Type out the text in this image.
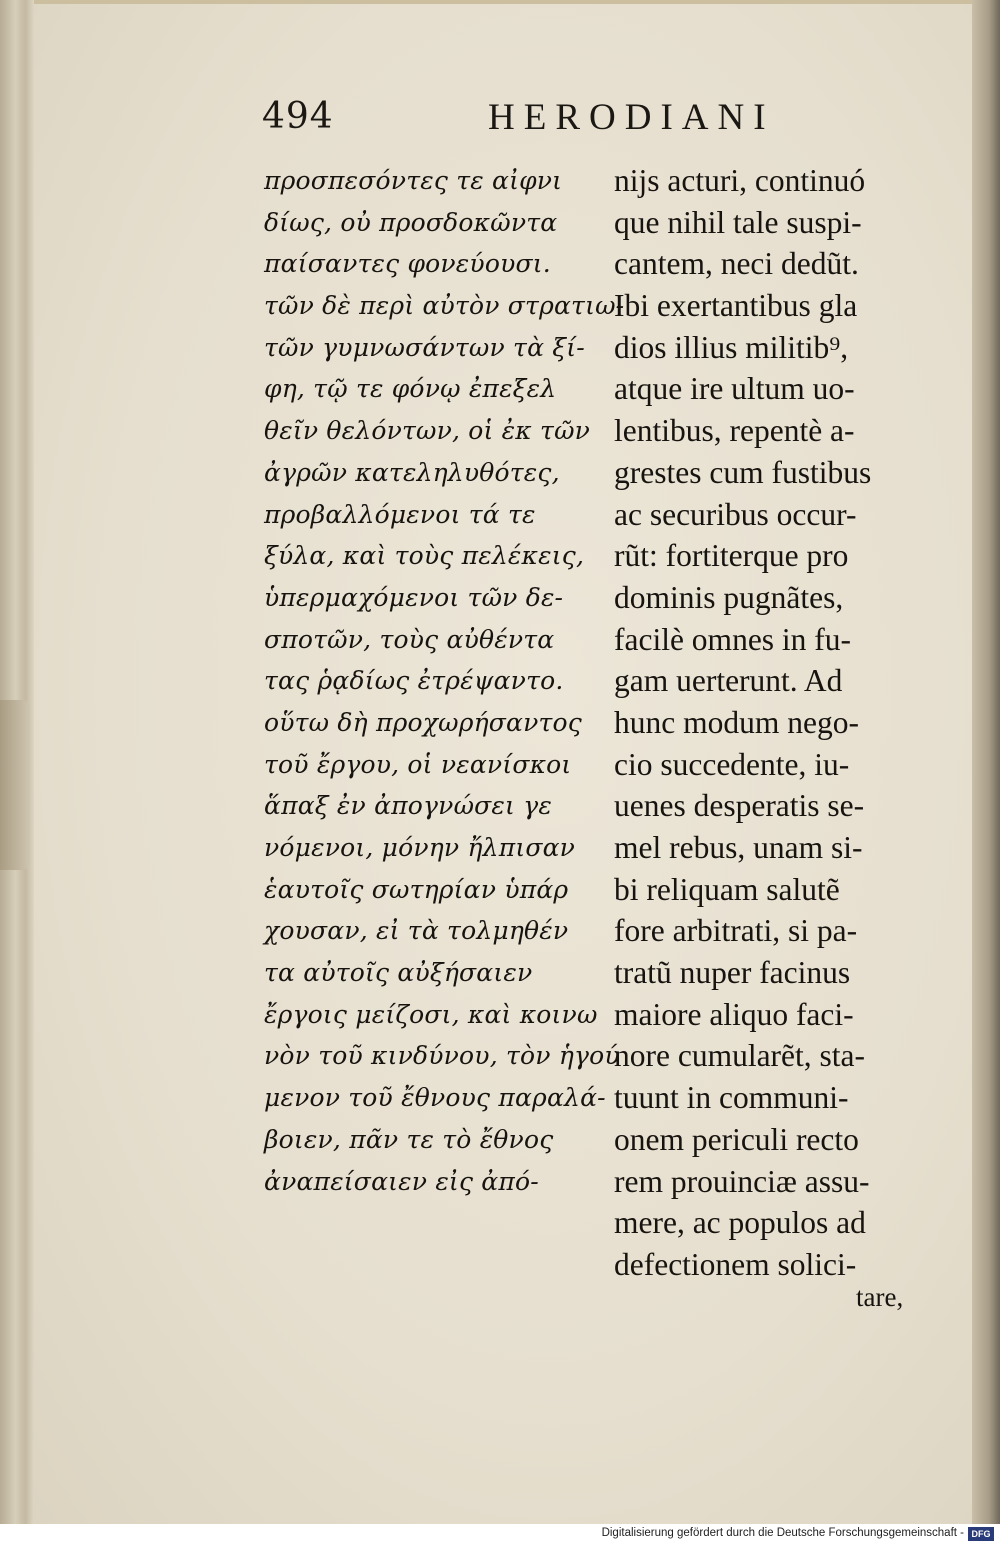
494	HERODIANI
προσπεσόντες τε αἰφνι
δίως, οὐ προσδοκῶντα
παίσαντες φονεύουσι.
τῶν δὲ περὶ αὐτὸν στρατιω-
τῶν γυμνωσάντων τὰ ξί-
φη, τῷ τε φόνῳ ἐπεξελ
θεῖν θελόντων, οἱ ἐκ τῶν
ἀγρῶν κατεληλυθότες,
προβαλλόμενοι τά τε
ξύλα, καὶ τοὺς πελέκεις,
ὑπερμαχόμενοι τῶν δε-
σποτῶν, τοὺς αὐθέντα
τας ῥᾳδίως ἐτρέψαντο.
οὕτω δὴ προχωρήσαντος
τοῦ ἔργου, οἱ νεανίσκοι
ἅπαξ ἐν ἀπογνώσει γε
νόμενοι, μόνην ἤλπισαν
ἑαυτοῖς σωτηρίαν ὑπάρ
χουσαν, εἰ τὰ τολμηθέν
τα αὐτοῖς αὐξήσαιεν
ἔργοις μείζοσι, καὶ κοινω
νὸν τοῦ κινδύνου, τὸν ἡγού
μενον τοῦ ἔθνους παραλά-
βοιεν, πᾶν τε τὸ ἔθνος
ἀναπείσαιεν εἰς ἀπό-
nijs acturi, continuó
que nihil tale suspi-
cantem, neci dedũt.
Ibi exertantibus gla
dios illius militib⁹,
atque ire ultum uo-
lentibus, repentè a-
grestes cum fustibus
ac securibus occur-
rũt: fortiterque pro
dominis pugnãtes,
facilè omnes in fu-
gam uerterunt. Ad
hunc modum nego-
cio succedente, iu-
uenes desperatis se-
mel rebus, unam si-
bi reliquam salutẽ
fore arbitrati, si pa-
tratũ nuper facinus
maiore aliquo faci-
nore cumularẽt, sta-
tuunt in communi-
onem periculi recto
rem prouinciæ assu-
mere, ac populos ad
defectionem solici-
tare,
Digitalisierung gefördert durch die Deutsche Forschungsgemeinschaft - DFG
